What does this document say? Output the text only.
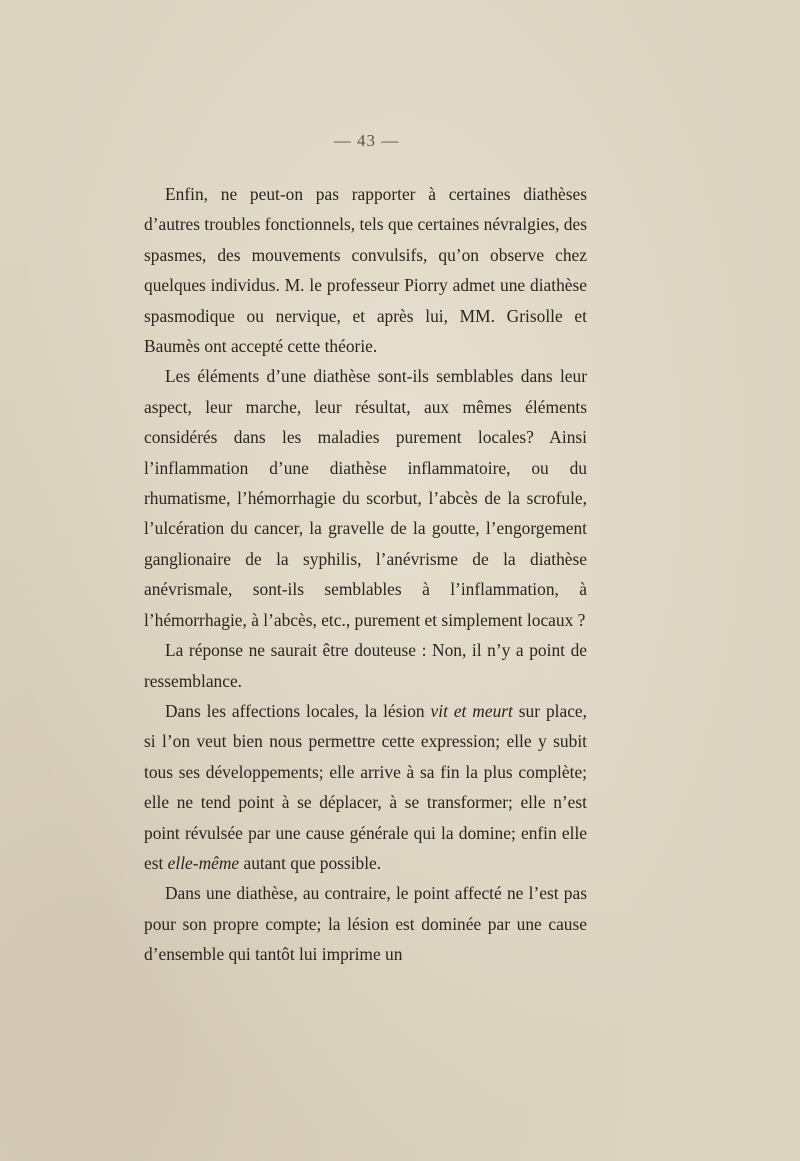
— 43 —

Enfin, ne peut-on pas rapporter à certaines diathèses d’autres troubles fonctionnels, tels que certaines névralgies, des spasmes, des mouvements convulsifs, qu’on observe chez quelques individus. M. le professeur Piorry admet une diathèse spasmodique ou nervique, et après lui, MM. Grisolle et Baumès ont accepté cette théorie.

Les éléments d’une diathèse sont-ils semblables dans leur aspect, leur marche, leur résultat, aux mêmes éléments considérés dans les maladies purement locales? Ainsi l’inflammation d’une diathèse inflammatoire, ou du rhumatisme, l’hémorrhagie du scorbut, l’abcès de la scrofule, l’ulcération du cancer, la gravelle de la goutte, l’engorgement ganglionaire de la syphilis, l’anévrisme de la diathèse anévrismale, sont-ils semblables à l’inflammation, à l’hémorrhagie, à l’abcès, etc., purement et simplement locaux ?

La réponse ne saurait être douteuse : Non, il n’y a point de ressemblance.

Dans les affections locales, la lésion vit et meurt sur place, si l’on veut bien nous permettre cette expression; elle y subit tous ses développements; elle arrive à sa fin la plus complète; elle ne tend point à se déplacer, à se transformer; elle n’est point révulsée par une cause générale qui la domine; enfin elle est elle-même autant que possible.

Dans une diathèse, au contraire, le point affecté ne l’est pas pour son propre compte; la lésion est dominée par une cause d’ensemble qui tantôt lui imprime un
